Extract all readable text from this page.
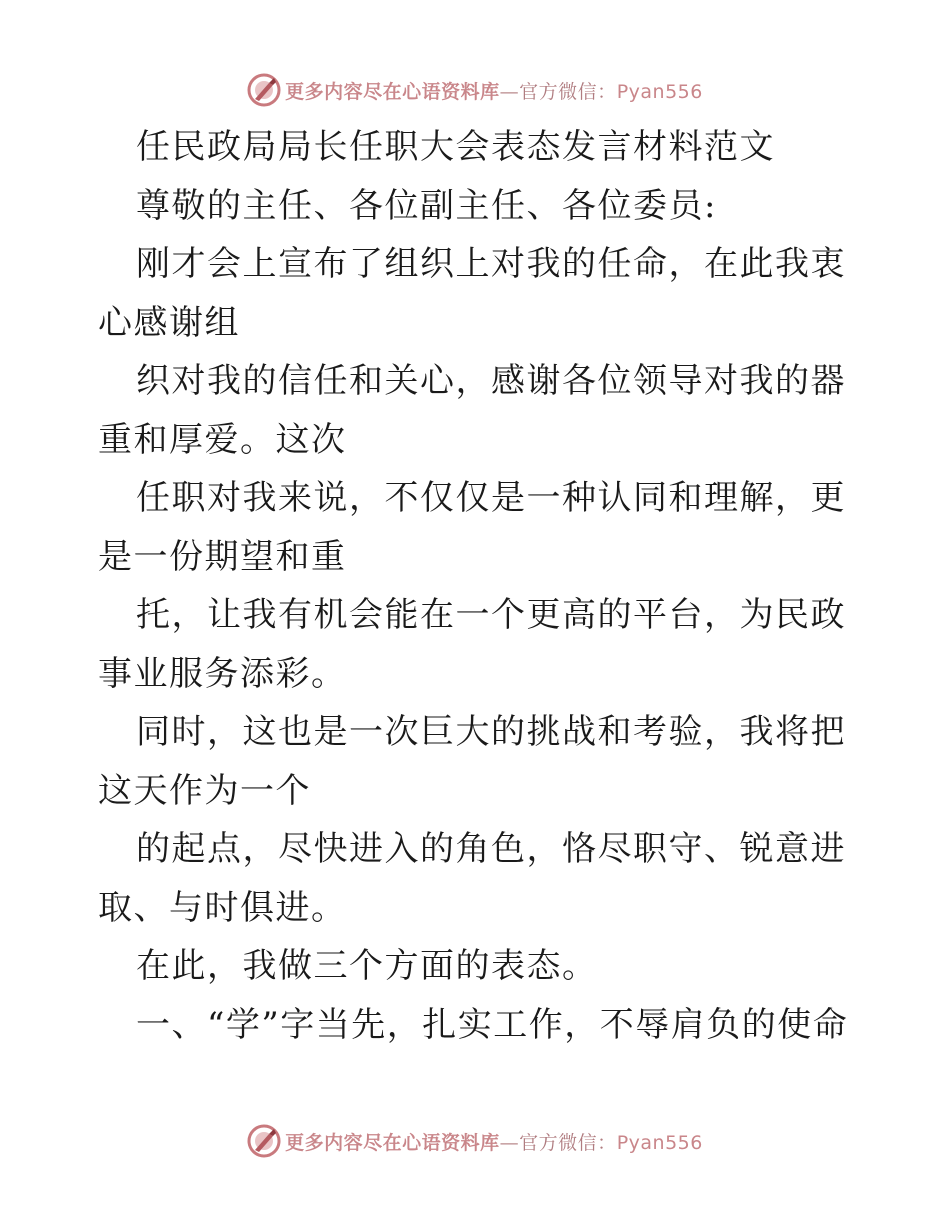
更多内容尽在心语资料库—官方微信：Pyan556

任民政局局长任职大会表态发言材料范文

尊敬的主任、各位副主任、各位委员:

刚才会上宣布了组织上对我的任命，在此我衷心感谢组

织对我的信任和关心，感谢各位领导对我的器重和厚爱。这次

任职对我来说，不仅仅是一种认同和理解，更是一份期望和重

托，让我有机会能在一个更高的平台，为民政事业服务添彩。

同时，这也是一次巨大的挑战和考验，我将把这天作为一个

的起点，尽快进入的角色，恪尽职守、锐意进取、与时俱进。

在此，我做三个方面的表态。

一、“学”字当先，扎实工作，不辱肩负的使命

更多内容尽在心语资料库—官方微信：Pyan556
